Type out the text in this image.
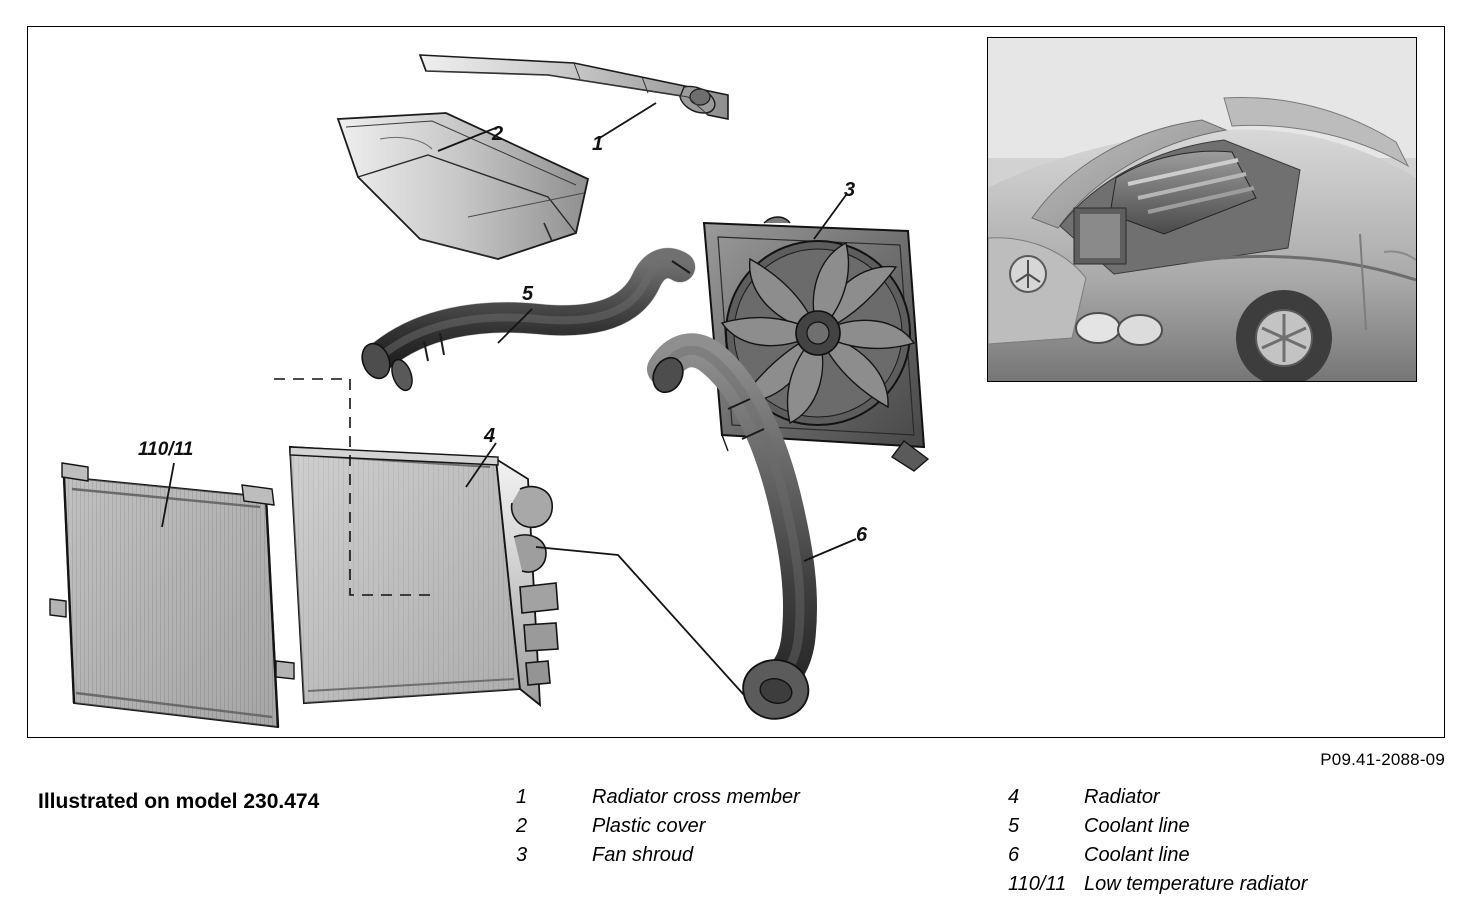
1
2
3
4
5
6
110/11
P09.41-2088-09
Illustrated on model 230.474	1	Radiator cross member
2	Plastic cover
3	Fan shroud
4	Radiator
5	Coolant line
6	Coolant line
110/11 Low temperature radiator
